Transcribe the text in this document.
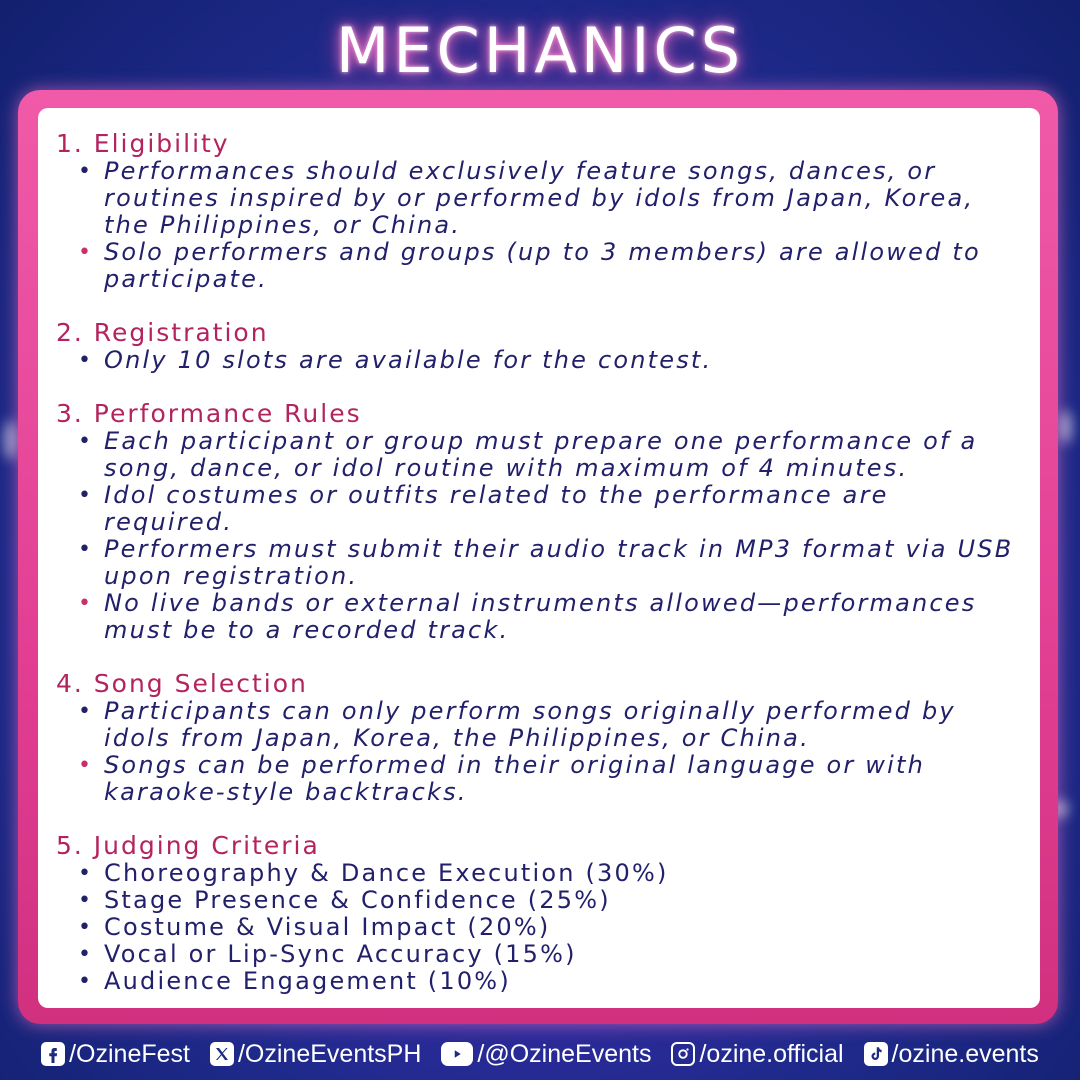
MECHANICS
1. Eligibility
• Performances should exclusively feature songs, dances, or routines inspired by or performed by idols from Japan, Korea, the Philippines, or China.
• Solo performers and groups (up to 3 members) are allowed to participate.
2. Registration
• Only 10 slots are available for the contest.
3. Performance Rules
• Each participant or group must prepare one performance of a song, dance, or idol routine with maximum of 4 minutes.
• Idol costumes or outfits related to the performance are required.
• Performers must submit their audio track in MP3 format via USB upon registration.
• No live bands or external instruments allowed—performances must be to a recorded track.
4. Song Selection
• Participants can only perform songs originally performed by idols from Japan, Korea, the Philippines, or China.
• Songs can be performed in their original language or with karaoke-style backtracks.
5. Judging Criteria
• Choreography & Dance Execution (30%)
• Stage Presence & Confidence (25%)
• Costume & Visual Impact (20%)
• Vocal or Lip-Sync Accuracy (15%)
• Audience Engagement (10%)
/OzineFest /OzineEventsPH /@OzineEvents /ozine.official /ozine.events
